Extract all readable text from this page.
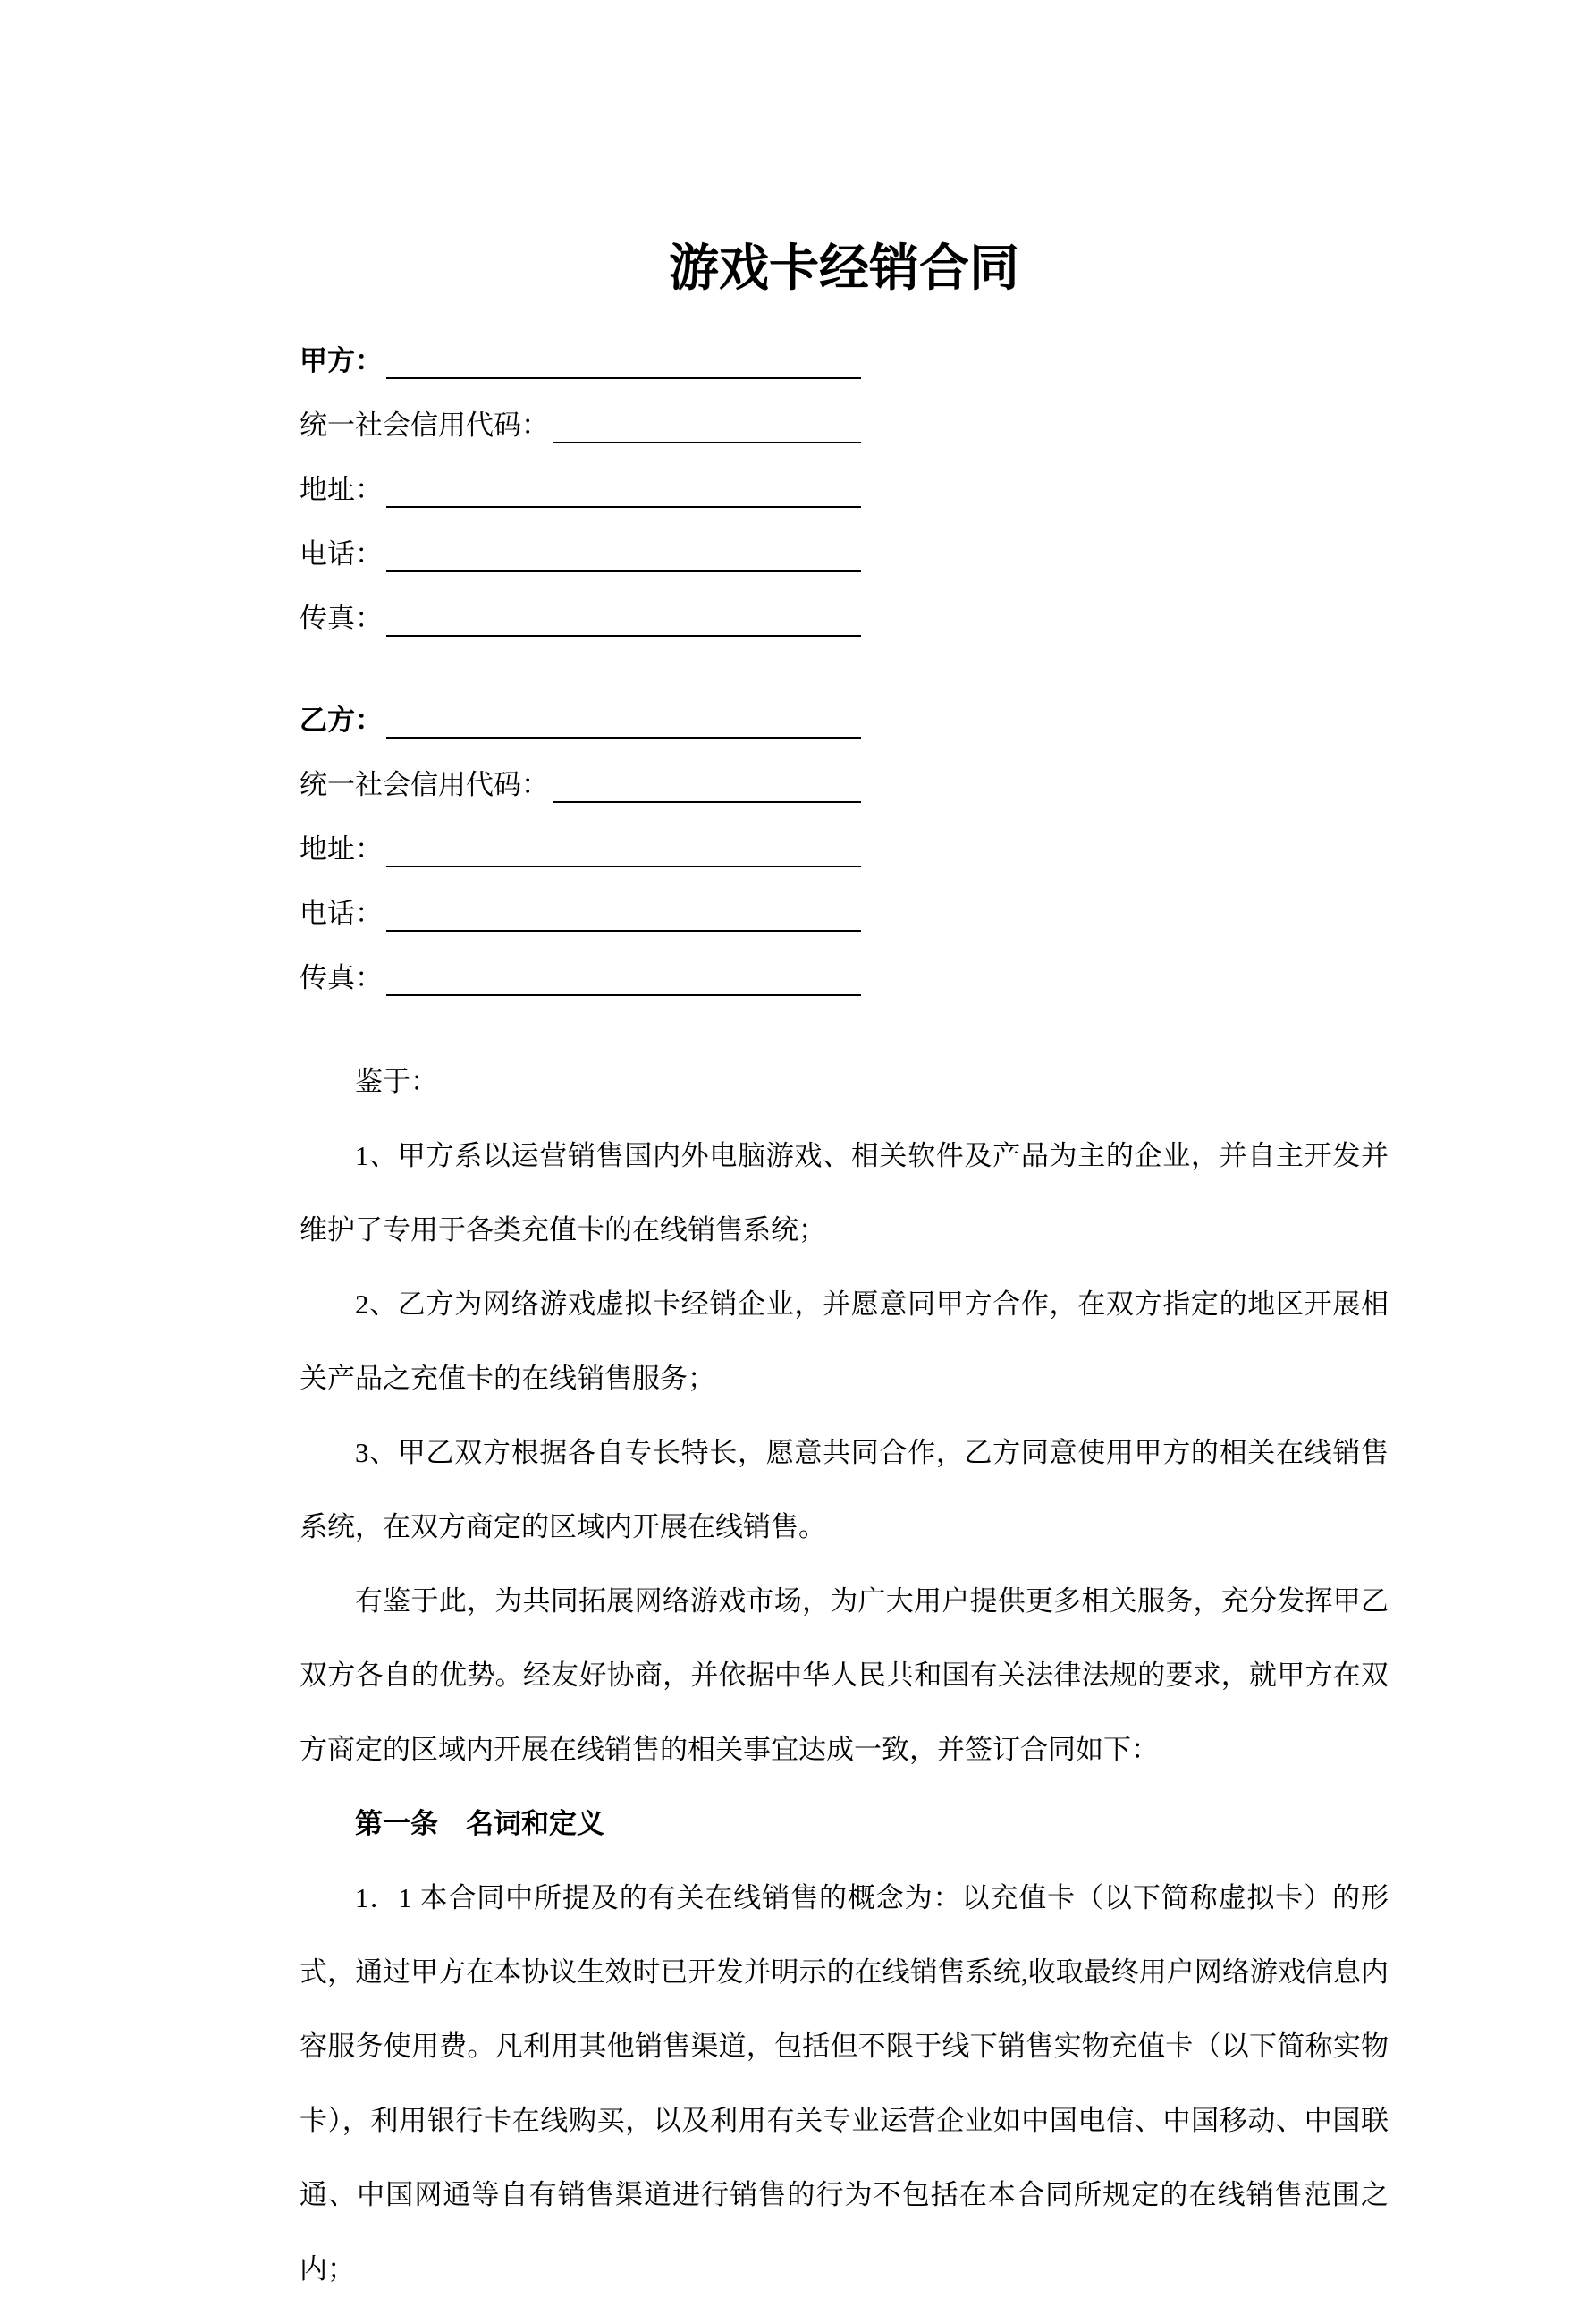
游戏卡经销合同
甲方：
统一社会信用代码：
地址：
电话：
传真：
乙方：
统一社会信用代码：
地址：
电话：
传真：

鉴于：

1、甲方系以运营销售国内外电脑游戏、相关软件及产品为主的企业，并自主开发并维护了专用于各类充值卡的在线销售系统；

2、乙方为网络游戏虚拟卡经销企业，并愿意同甲方合作，在双方指定的地区开展相关产品之充值卡的在线销售服务；

3、甲乙双方根据各自专长特长，愿意共同合作，乙方同意使用甲方的相关在线销售系统，在双方商定的区域内开展在线销售。

有鉴于此，为共同拓展网络游戏市场，为广大用户提供更多相关服务，充分发挥甲乙双方各自的优势。经友好协商，并依据中华人民共和国有关法律法规的要求，就甲方在双方商定的区域内开展在线销售的相关事宜达成一致，并签订合同如下：

第一条　名词和定义

1．1 本合同中所提及的有关在线销售的概念为：以充值卡（以下简称虚拟卡）的形式，通过甲方在本协议生效时已开发并明示的在线销售系统,收取最终用户网络游戏信息内容服务使用费。凡利用其他销售渠道，包括但不限于线下销售实物充值卡（以下简称实物卡），利用银行卡在线购买，以及利用有关专业运营企业如中国电信、中国移动、中国联通、中国网通等自有销售渠道进行销售的行为不包括在本合同所规定的在线销售范围之内；
